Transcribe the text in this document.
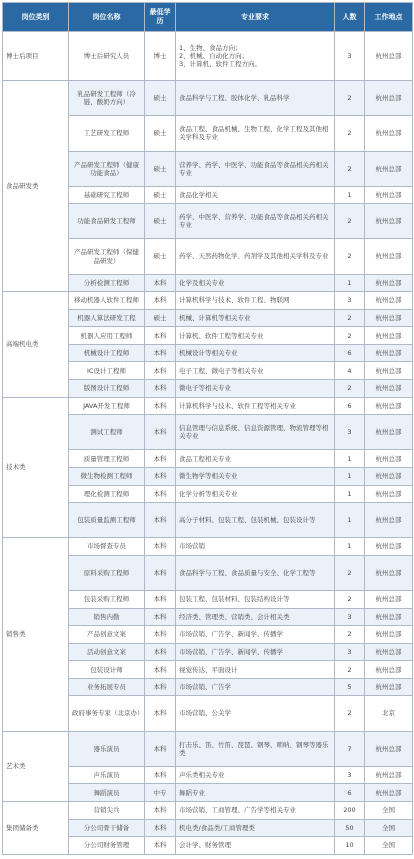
岗位类别	岗位名称	最低学历	专业要求	人数	工作地点
博士后项目	博士后研究人员	博士	1、生物、食品方向；
2、机械、自动化方向；
3、计算机、软件工程方向。	3	杭州总部
食品研发类	乳品研发工程师（冷链、酸奶方向）	硕士	食品科学与工程、胶体化学、乳品科学	2	杭州总部
	工艺研发工程师	硕士	食品工程、食品机械、生物工程、化学工程及其他相关学科及专业	2	杭州总部
	产品研发工程师（健康功能食品）	硕士	营养学、药学、中医学、功能食品等食品相关药相关专业	2	杭州总部
	基础研究工程师	硕士	食品化学相关	1	杭州总部
	功能食品研发工程师	硕士	药学、中医学、营养学、功能食品等食品相关药相关专业	2	杭州总部
	产品研发工程师（保健品研发）	硕士	药学、天然药物化学、药剂学及其他相关学科及专业	2	杭州总部
	分析检测工程师	本科	化学及相关专业	1	杭州总部
高端机电类	移动机器人软件工程师	本科	计算机科学与技术、软件工程、物联网	3	杭州总部
	机器人算法研发工程	硕士	机械、计算机等相关专业	2	杭州总部
	机器人应用工程师	本科	计算机、软件工程等相关专业	2	杭州总部
	机械设计工程师	本科	机械设计等相关专业	6	杭州总部
	IC设计工程师	本科	电子工程、微电子等相关专业	4	杭州总部
	版图设计工程师	本科	微电子等相关专业	2	杭州总部
技术类	JAVA开发工程师	本科	计算机科学与技术、软件工程等相关专业	6	杭州总部
	测试工程师	本科	信息管理与信息系统、信息资源管理、物流管理等相关专业	3	杭州总部
	质量管理工程师	本科	食品工程相关专业	1	杭州总部
	微生物检测工程师	本科	微生物学等相关专业	1	杭州总部
	理化检测工程师	本科	化学分析等相关专业	1	杭州总部
	包装质量监测工程师	本科	高分子材料、包装工程、包装机械、包装设计等	1	杭州总部
销售类	市场督查专员	本科	市场营销	1	杭州总部
	原料采购工程师	本科	食品科学与工程、食品质量与安全、化学工程等	2	杭州总部
	包装采购工程师	本科	包装工程、包装材料、包装结构设计等	2	杭州总部
	销售内勤	本科	经济类、管理类、营销类、会计相关类	3	杭州总部
	产品创意文案	本科	市场营销、广告学、新闻学、传播学	2	杭州总部
	活动创意文案	本科	市场营销、广告学、新闻学、传播学	3	杭州总部
	包装设计师	本科	视觉传达、平面设计	2	杭州总部
	业务拓展专员	本科	市场营销、广告学	5	杭州总部
	政府事务专家（北京办）	本科	市场营销、公关学	2	北京
艺术类	器乐演员	本科	打击乐、笛、竹笛、琵琶、钢琴、唢呐、钢琴等器乐类	7	杭州总部
	声乐演员	本科	声乐类相关专业	3	杭州总部
	舞蹈演员	中专	舞蹈专业	6	杭州总部
集团储备类	营销尖兵	本科	市场营销、工商管理、广告学等相关专业	200	全国
	分公司骨干储备	本科	机电类/食品类/工商管理类	50	全国
	分公司财务管理	本科	会计学、财务管理	10	全国
